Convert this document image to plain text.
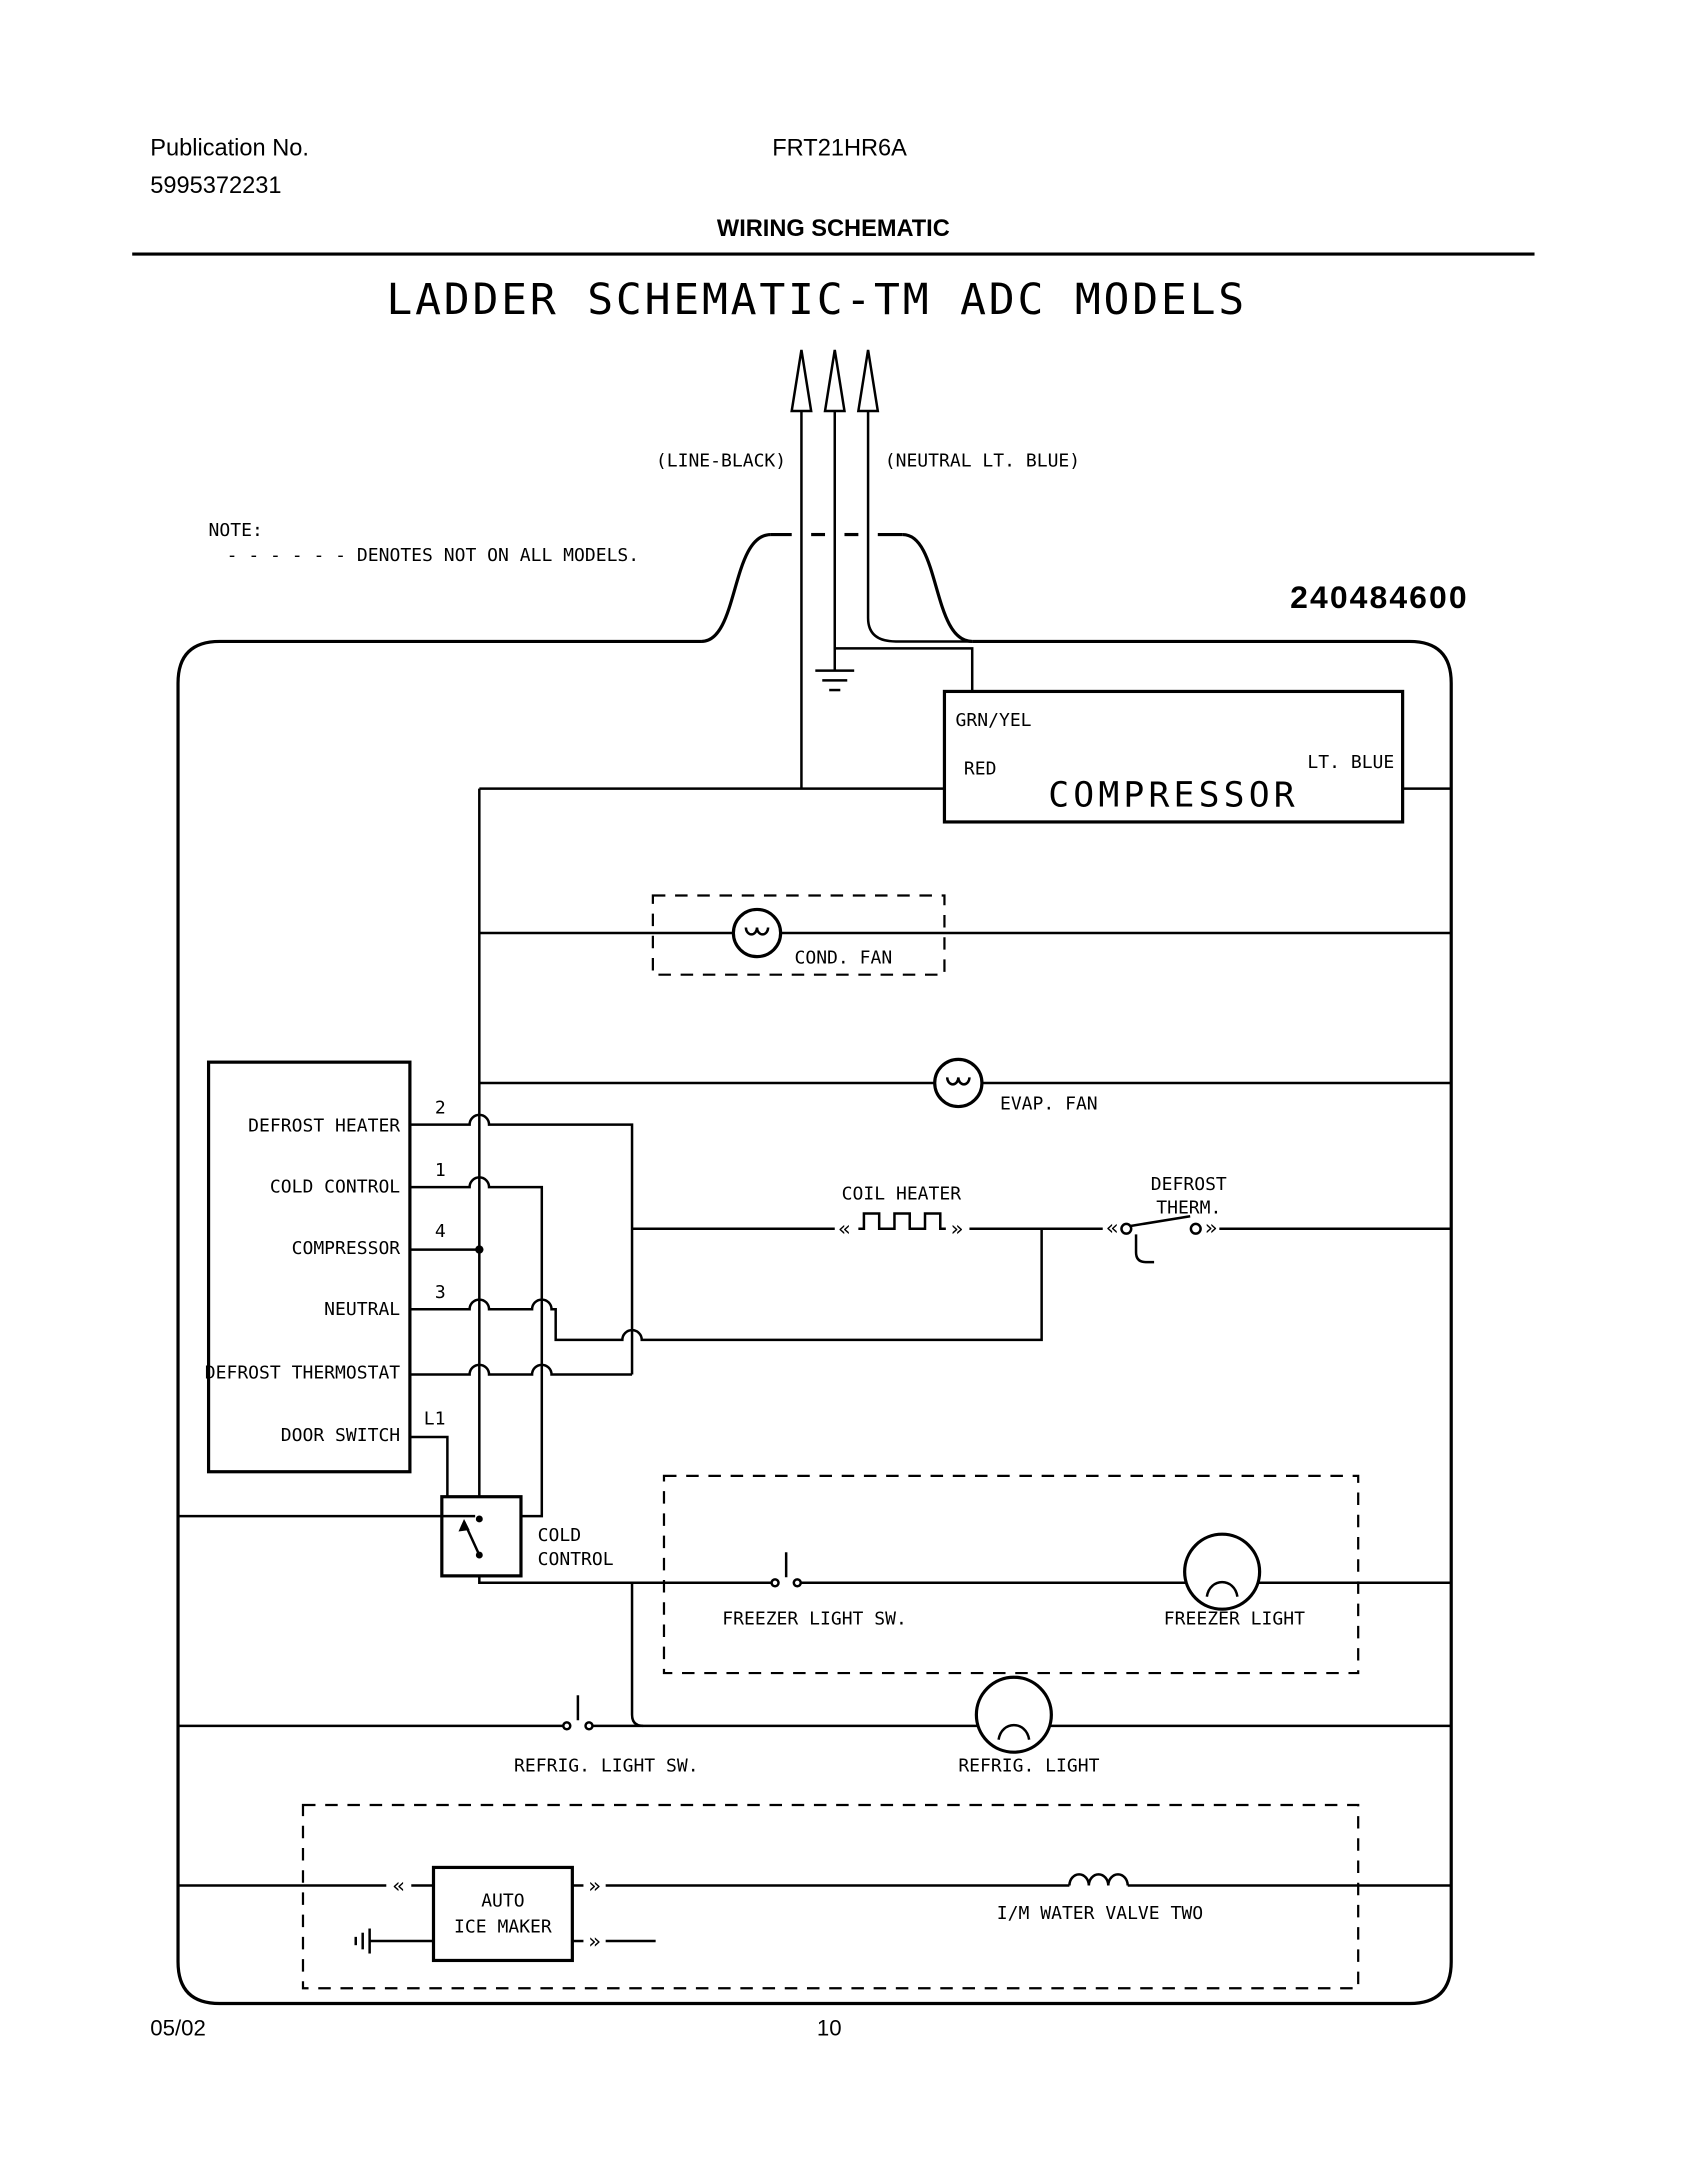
Publication No.
5995372231
FRT21HR6A
WIRING SCHEMATIC
LADDER SCHEMATIC-TM ADC MODELS
240484600
NOTE:
- - - - - - DENOTES NOT ON ALL MODELS.
(LINE-BLACK)	(NEUTRAL LT. BLUE)
GRN/YEL
RED	LT. BLUE
COMPRESSOR
COND. FAN
EVAP. FAN
DEFROST HEATER
COLD CONTROL
COMPRESSOR
NEUTRAL
DEFROST THERMOSTAT
DOOR SWITCH
2
1
4
3
L1
«	»
COIL HEATER
«	»
DEFROST
THERM.
COLD
CONTROL
FREEZER LIGHT SW.	FREEZER LIGHT
REFRIG. LIGHT SW.	REFRIG. LIGHT
AUTO
ICE MAKER
«	»
I/M WATER VALVE TWO
»
05/02	10
